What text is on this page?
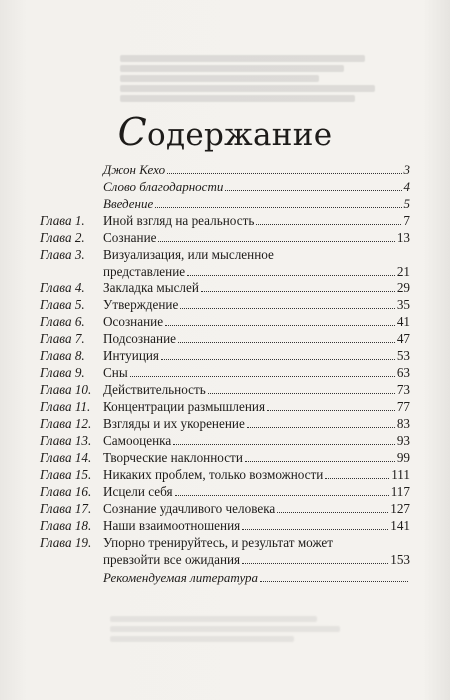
Содержание
Джон Кехо	3
Слово благодарности	4
Введение	5
Глава 1.	Иной взгляд на реальность	7
Глава 2.	Сознание	13
Глава 3.	Визуализация, или мысленное
представление	21
Глава 4.	Закладка мыслей	29
Глава 5.	Утверждение	35
Глава 6.	Осознание	41
Глава 7.	Подсознание	47
Глава 8.	Интуиция	53
Глава 9.	Сны	63
Глава 10. Действительность	73
Глава 11. Концентрации размышления	77
Глава 12. Взгляды и их укоренение	83
Глава 13. Самооценка	93
Глава 14. Творческие наклонности	99
Глава 15. Никаких проблем, только возможности	111
Глава 16. Исцели себя	117
Глава 17. Сознание удачливого человека	127
Глава 18. Наши взаимоотношения	141
Глава 19. Упорно тренируйтесь, и результат может
превзойти все ожидания	153
Рекомендуемая литература
